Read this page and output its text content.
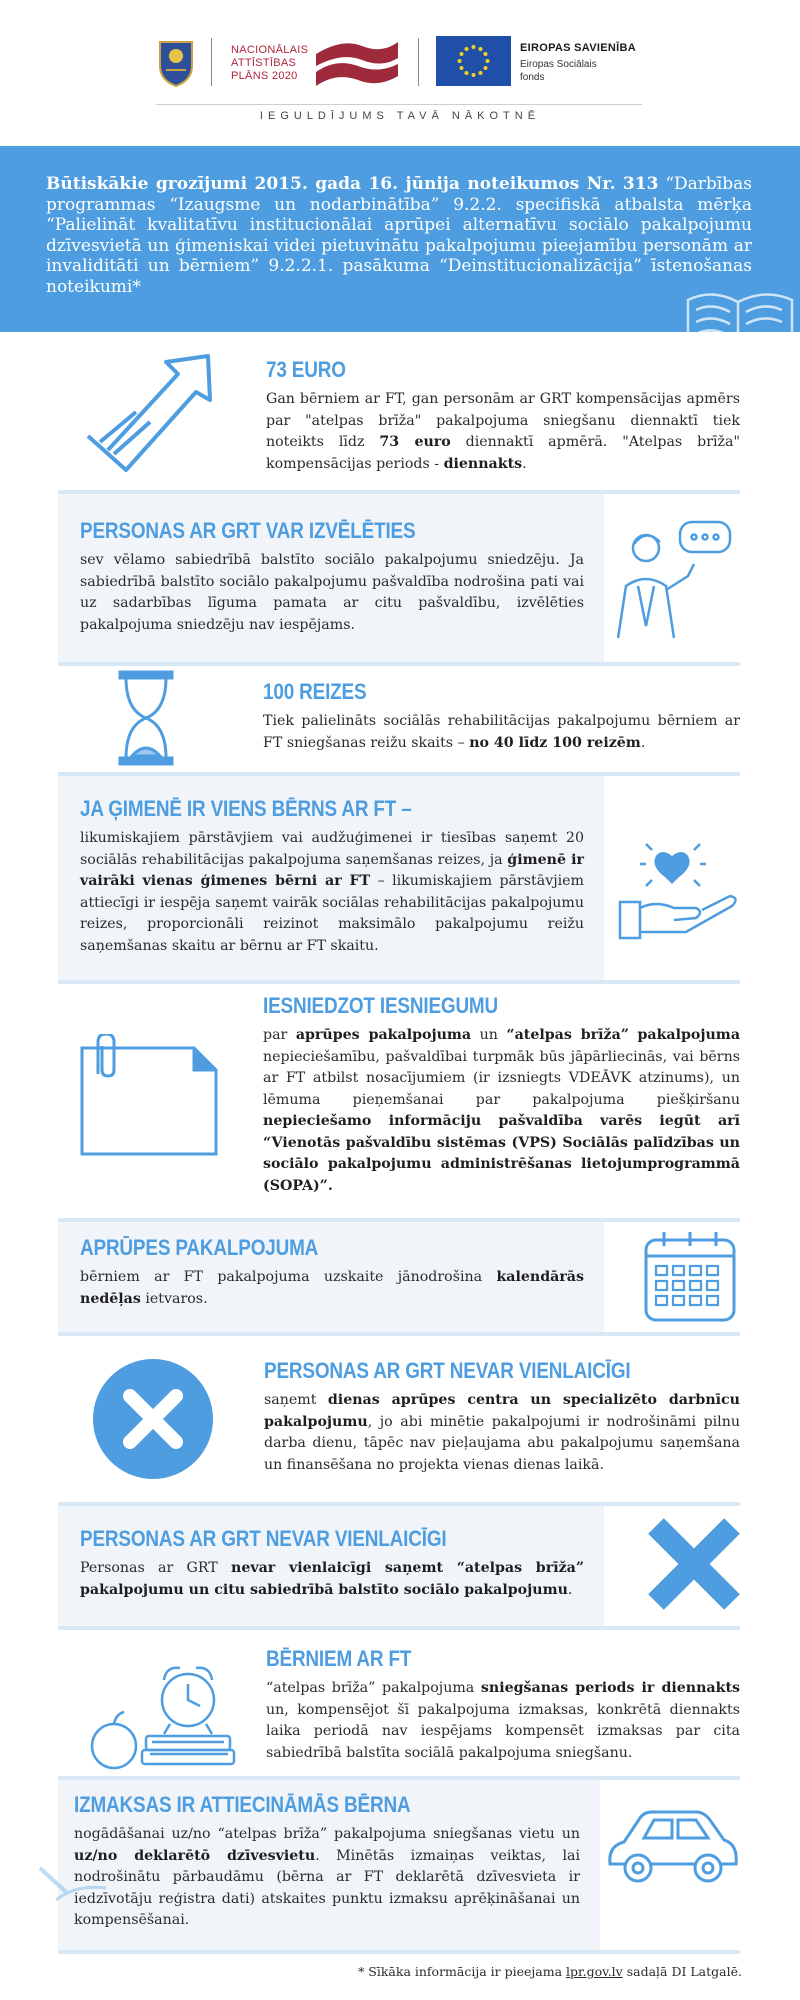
NACIONĀLAIS
ATTĪSTĪBAS
PLĀNS 2020
EIROPAS SAVIENĪBA
Eiropas Sociālais
fonds
IEGULDĪJUMS TAVĀ NĀKOTNĒ
Būtiskākie grozījumi 2015. gada 16. jūnija noteikumos Nr. 313 “Darbības programmas “Izaugsme un nodarbinātība” 9.2.2. specifiskā atbalsta mērķa “Palielināt kvalitatīvu institucionālai aprūpei alternatīvu sociālo pakalpojumu dzīvesvietā un ģimeniskai videi pietuvinātu pakalpojumu pieejamību personām ar invaliditāti un bērniem” 9.2.2.1. pasākuma “Deinstitucionalizācija” īstenošanas noteikumi*
73 EURO
Gan bērniem ar FT, gan personām ar GRT kompensācijas apmērs par "atelpas brīža" pakalpojuma sniegšanu diennaktī tiek noteikts līdz 73 euro diennaktī apmērā. "Atelpas brīža" kompensācijas periods - diennakts.
PERSONAS AR GRT VAR IZVĒLĒTIES
sev vēlamo sabiedrībā balstīto sociālo pakalpojumu sniedzēju. Ja sabiedrībā balstīto sociālo pakalpojumu pašvaldība nodrošina pati vai uz sadarbības līguma pamata ar citu pašvaldību, izvēlēties pakalpojuma sniedzēju nav iespējams.
100 REIZES
Tiek palielināts sociālās rehabilitācijas pakalpojumu bērniem ar FT sniegšanas reižu skaits – no 40 līdz 100 reizēm.
JA ĢIMENĒ IR VIENS BĒRNS AR FT –
likumiskajiem pārstāvjiem vai audžuģimenei ir tiesības saņemt 20 sociālās rehabilitācijas pakalpojuma saņemšanas reizes, ja ģimenē ir vairāki vienas ģimenes bērni ar FT – likumiskajiem pārstāvjiem attiecīgi ir iespēja saņemt vairāk sociālas rehabilitācijas pakalpojumu reizes, proporcionāli reizinot maksimālo pakalpojumu reižu saņemšanas skaitu ar bērnu ar FT skaitu.
IESNIEDZOT IESNIEGUMU
par aprūpes pakalpojuma un “atelpas brīža” pakalpojuma nepieciešamību, pašvaldībai turpmāk būs jāpārliecinās, vai bērns ar FT atbilst nosacījumiem (ir izsniegts VDEĀVK atzinums), un lēmuma pieņemšanai par pakalpojuma piešķiršanu nepieciešamo informāciju pašvaldība varēs iegūt arī “Vienotās pašvaldību sistēmas (VPS) Sociālās palīdzības un sociālo pakalpojumu administrēšanas lietojumprogrammā (SOPA)”.
APRŪPES PAKALPOJUMA
bērniem ar FT pakalpojuma uzskaite jānodrošina kalendārās nedēļas ietvaros.
PERSONAS AR GRT NEVAR VIENLAICĪGI
saņemt dienas aprūpes centra un specializēto darbnīcu pakalpojumu, jo abi minētie pakalpojumi ir nodrošināmi pilnu darba dienu, tāpēc nav pieļaujama abu pakalpojumu saņemšana un finansēšana no projekta vienas dienas laikā.
PERSONAS AR GRT NEVAR VIENLAICĪGI
Personas ar GRT nevar vienlaicīgi saņemt “atelpas brīža” pakalpojumu un citu sabiedrībā balstīto sociālo pakalpojumu.
BĒRNIEM AR FT
“atelpas brīža” pakalpojuma sniegšanas periods ir diennakts un, kompensējot šī pakalpojuma izmaksas, konkrētā diennakts laika periodā nav iespējams kompensēt izmaksas par cita sabiedrībā balstīta sociālā pakalpojuma sniegšanu.
IZMAKSAS IR ATTIECINĀMĀS BĒRNA
nogādāšanai uz/no “atelpas brīža” pakalpojuma sniegšanas vietu un uz/no deklarētō dzīvesvietu. Minētās izmaiņas veiktas, lai nodrošinātu pārbaudāmu (bērna ar FT deklarētā dzīvesvieta ir iedzīvotāju reģistra dati) atskaites punktu izmaksu aprēķināšanai un kompensēšanai.
* Sīkāka informācija ir pieejama lpr.gov.lv sadaļā DI Latgalē.
